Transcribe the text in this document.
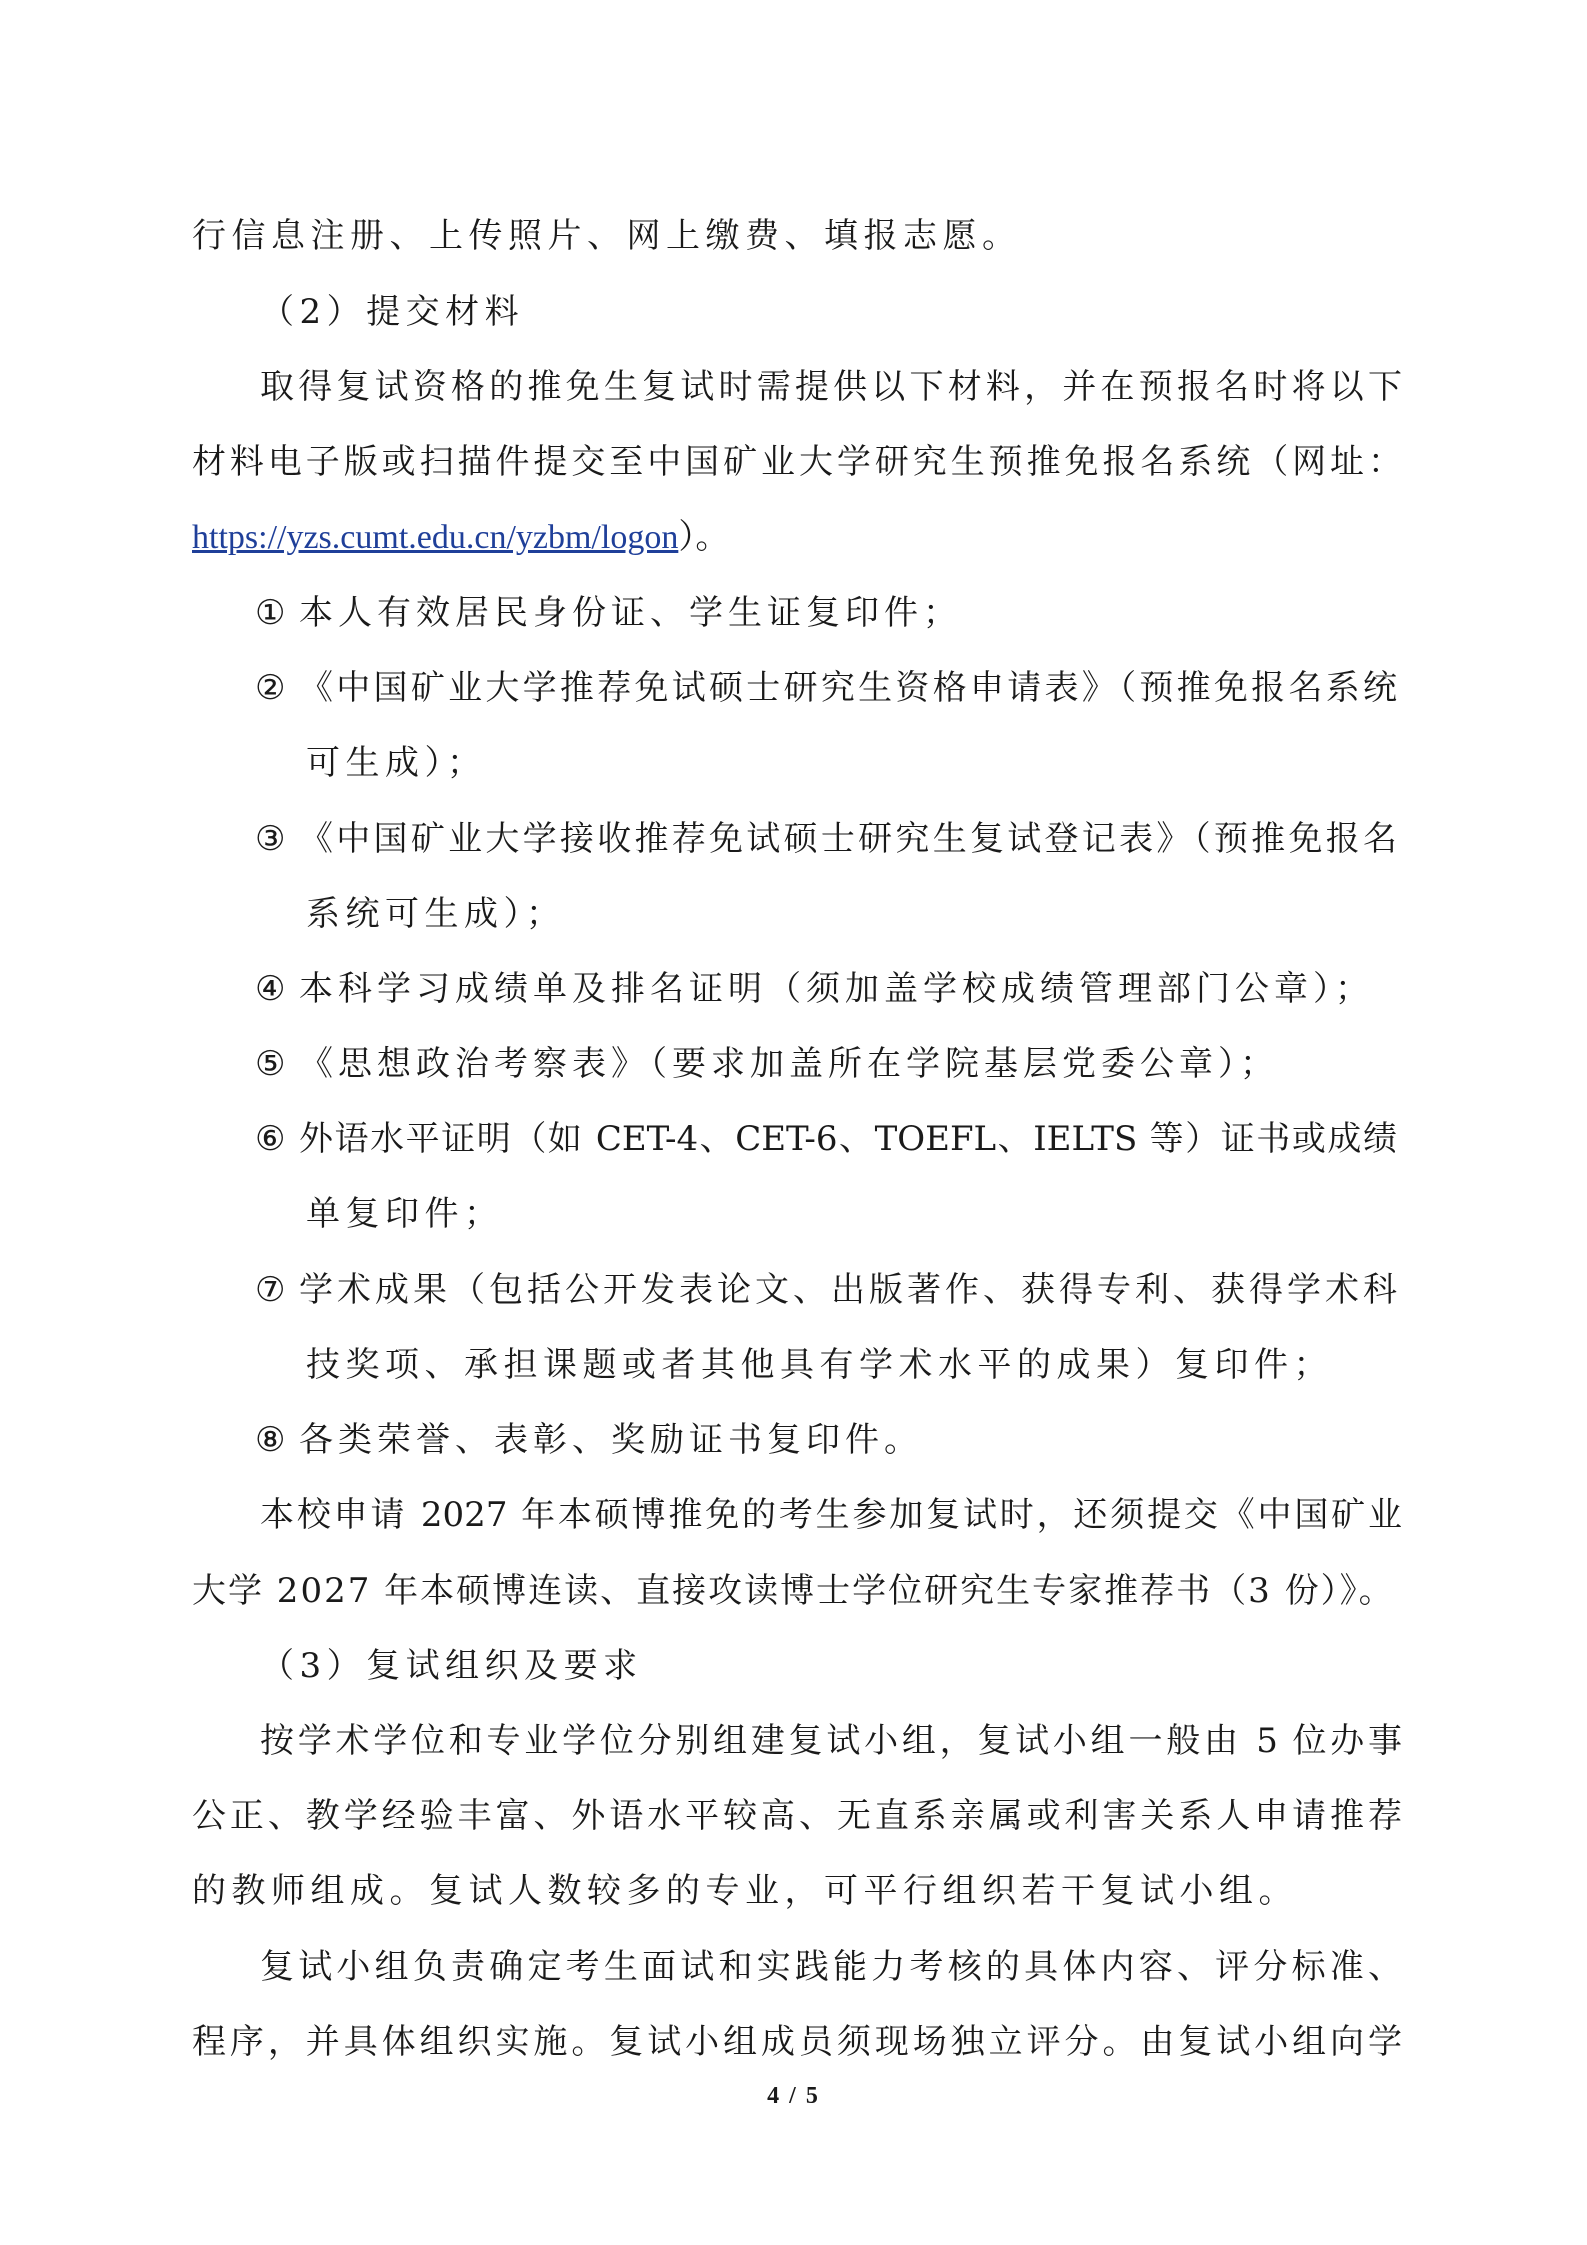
行信息注册、上传照片、网上缴费、填报志愿。
（2）提交材料
取得复试资格的推免生复试时需提供以下材料，并在预报名时将以下
材料电子版或扫描件提交至中国矿业大学研究生预推免报名系统（网址：
https://yzs.cumt.edu.cn/yzbm/logon）。
① 本人有效居民身份证、学生证复印件；
② 《中国矿业大学推荐免试硕士研究生资格申请表》（预推免报名系统
可生成）；
③ 《中国矿业大学接收推荐免试硕士研究生复试登记表》（预推免报名
系统可生成）；
④ 本科学习成绩单及排名证明（须加盖学校成绩管理部门公章）；
⑤ 《思想政治考察表》（要求加盖所在学院基层党委公章）；
⑥ 外语水平证明（如 CET-4、CET-6、TOEFL、IELTS 等）证书或成绩
单复印件；
⑦ 学术成果（包括公开发表论文、出版著作、获得专利、获得学术科
技奖项、承担课题或者其他具有学术水平的成果）复印件；
⑧ 各类荣誉、表彰、奖励证书复印件。
本校申请 2027 年本硕博推免的考生参加复试时，还须提交《中国矿业
大学 2027 年本硕博连读、直接攻读博士学位研究生专家推荐书（3 份）》。
（3）复试组织及要求
按学术学位和专业学位分别组建复试小组，复试小组一般由 5 位办事
公正、教学经验丰富、外语水平较高、无直系亲属或利害关系人申请推荐
的教师组成。复试人数较多的专业，可平行组织若干复试小组。
复试小组负责确定考生面试和实践能力考核的具体内容、评分标准、
程序，并具体组织实施。复试小组成员须现场独立评分。由复试小组向学
4 / 5
